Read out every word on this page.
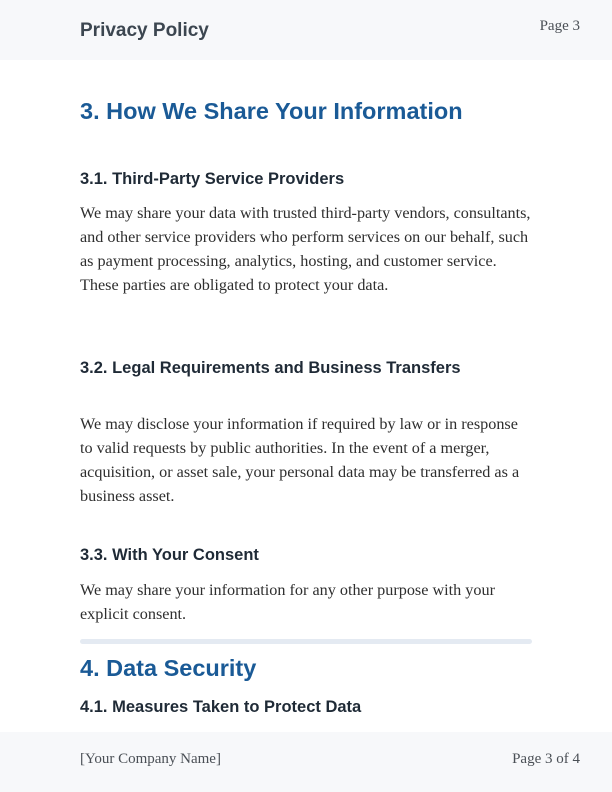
Privacy Policy	Page 3
3. How We Share Your Information
3.1. Third-Party Service Providers

We may share your data with trusted third-party vendors, consultants, and other service providers who perform services on our behalf, such as payment processing, analytics, hosting, and customer service. These parties are obligated to protect your data.

3.2. Legal Requirements and Business Transfers

We may disclose your information if required by law or in response to valid requests by public authorities. In the event of a merger, acquisition, or asset sale, your personal data may be transferred as a business asset.

3.3. With Your Consent

We may share your information for any other purpose with your explicit consent.

4. Data Security
4.1. Measures Taken to Protect Data
[Your Company Name]	Page 3 of 4
